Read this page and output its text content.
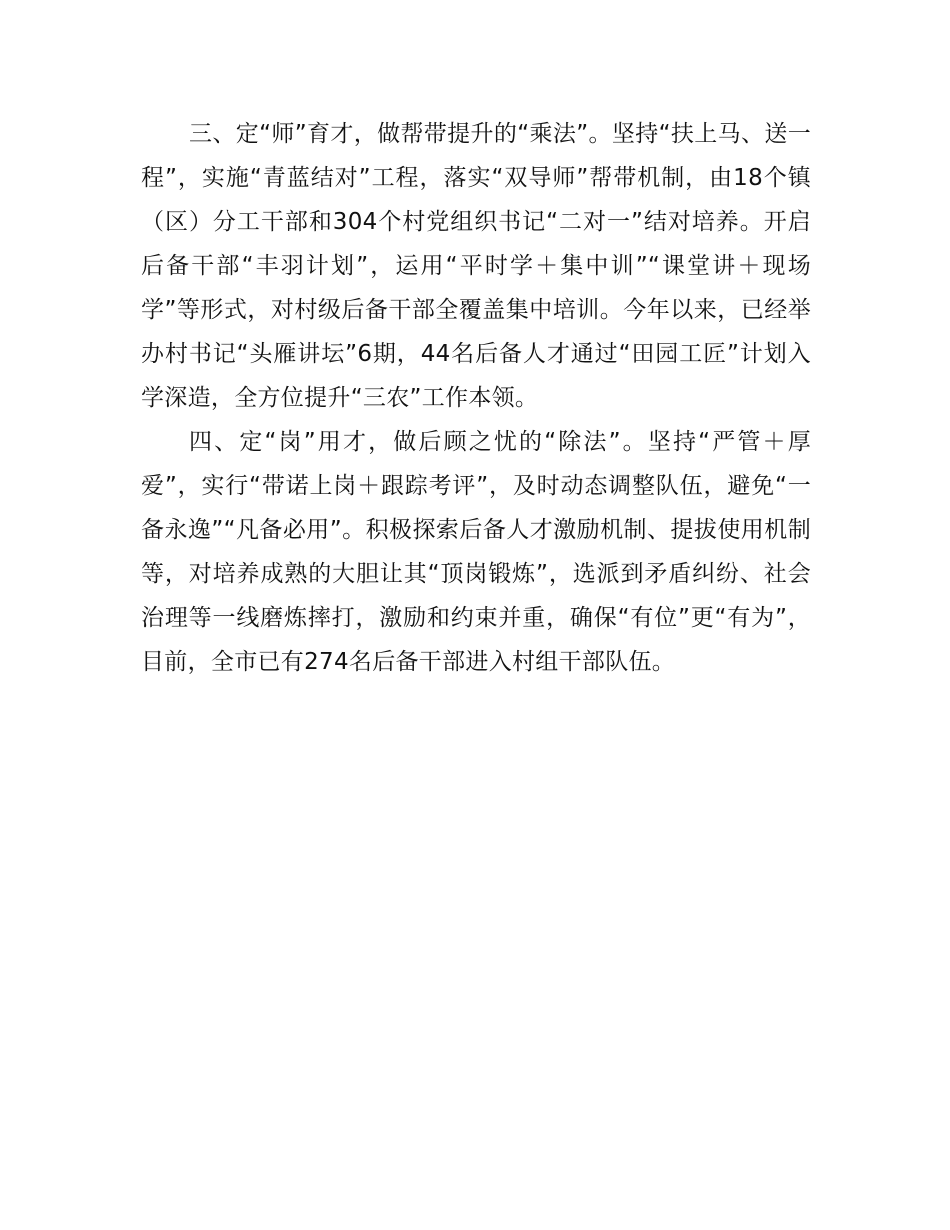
三、定“师”育才，做帮带提升的“乘法”。坚持“扶上马、送一程”，实施“青蓝结对”工程，落实“双导师”帮带机制，由18个镇（区）分工干部和304个村党组织书记“二对一”结对培养。开启后备干部“丰羽计划”，运用“平时学＋集中训”“课堂讲＋现场学”等形式，对村级后备干部全覆盖集中培训。今年以来，已经举办村书记“头雁讲坛”6期，44名后备人才通过“田园工匠”计划入学深造，全方位提升“三农”工作本领。

四、定“岗”用才，做后顾之忧的“除法”。坚持“严管＋厚爱”，实行“带诺上岗＋跟踪考评”，及时动态调整队伍，避免“一备永逸”“凡备必用”。积极探索后备人才激励机制、提拔使用机制等，对培养成熟的大胆让其“顶岗锻炼”，选派到矛盾纠纷、社会治理等一线磨炼摔打，激励和约束并重，确保“有位”更“有为”，目前，全市已有274名后备干部进入村组干部队伍。
